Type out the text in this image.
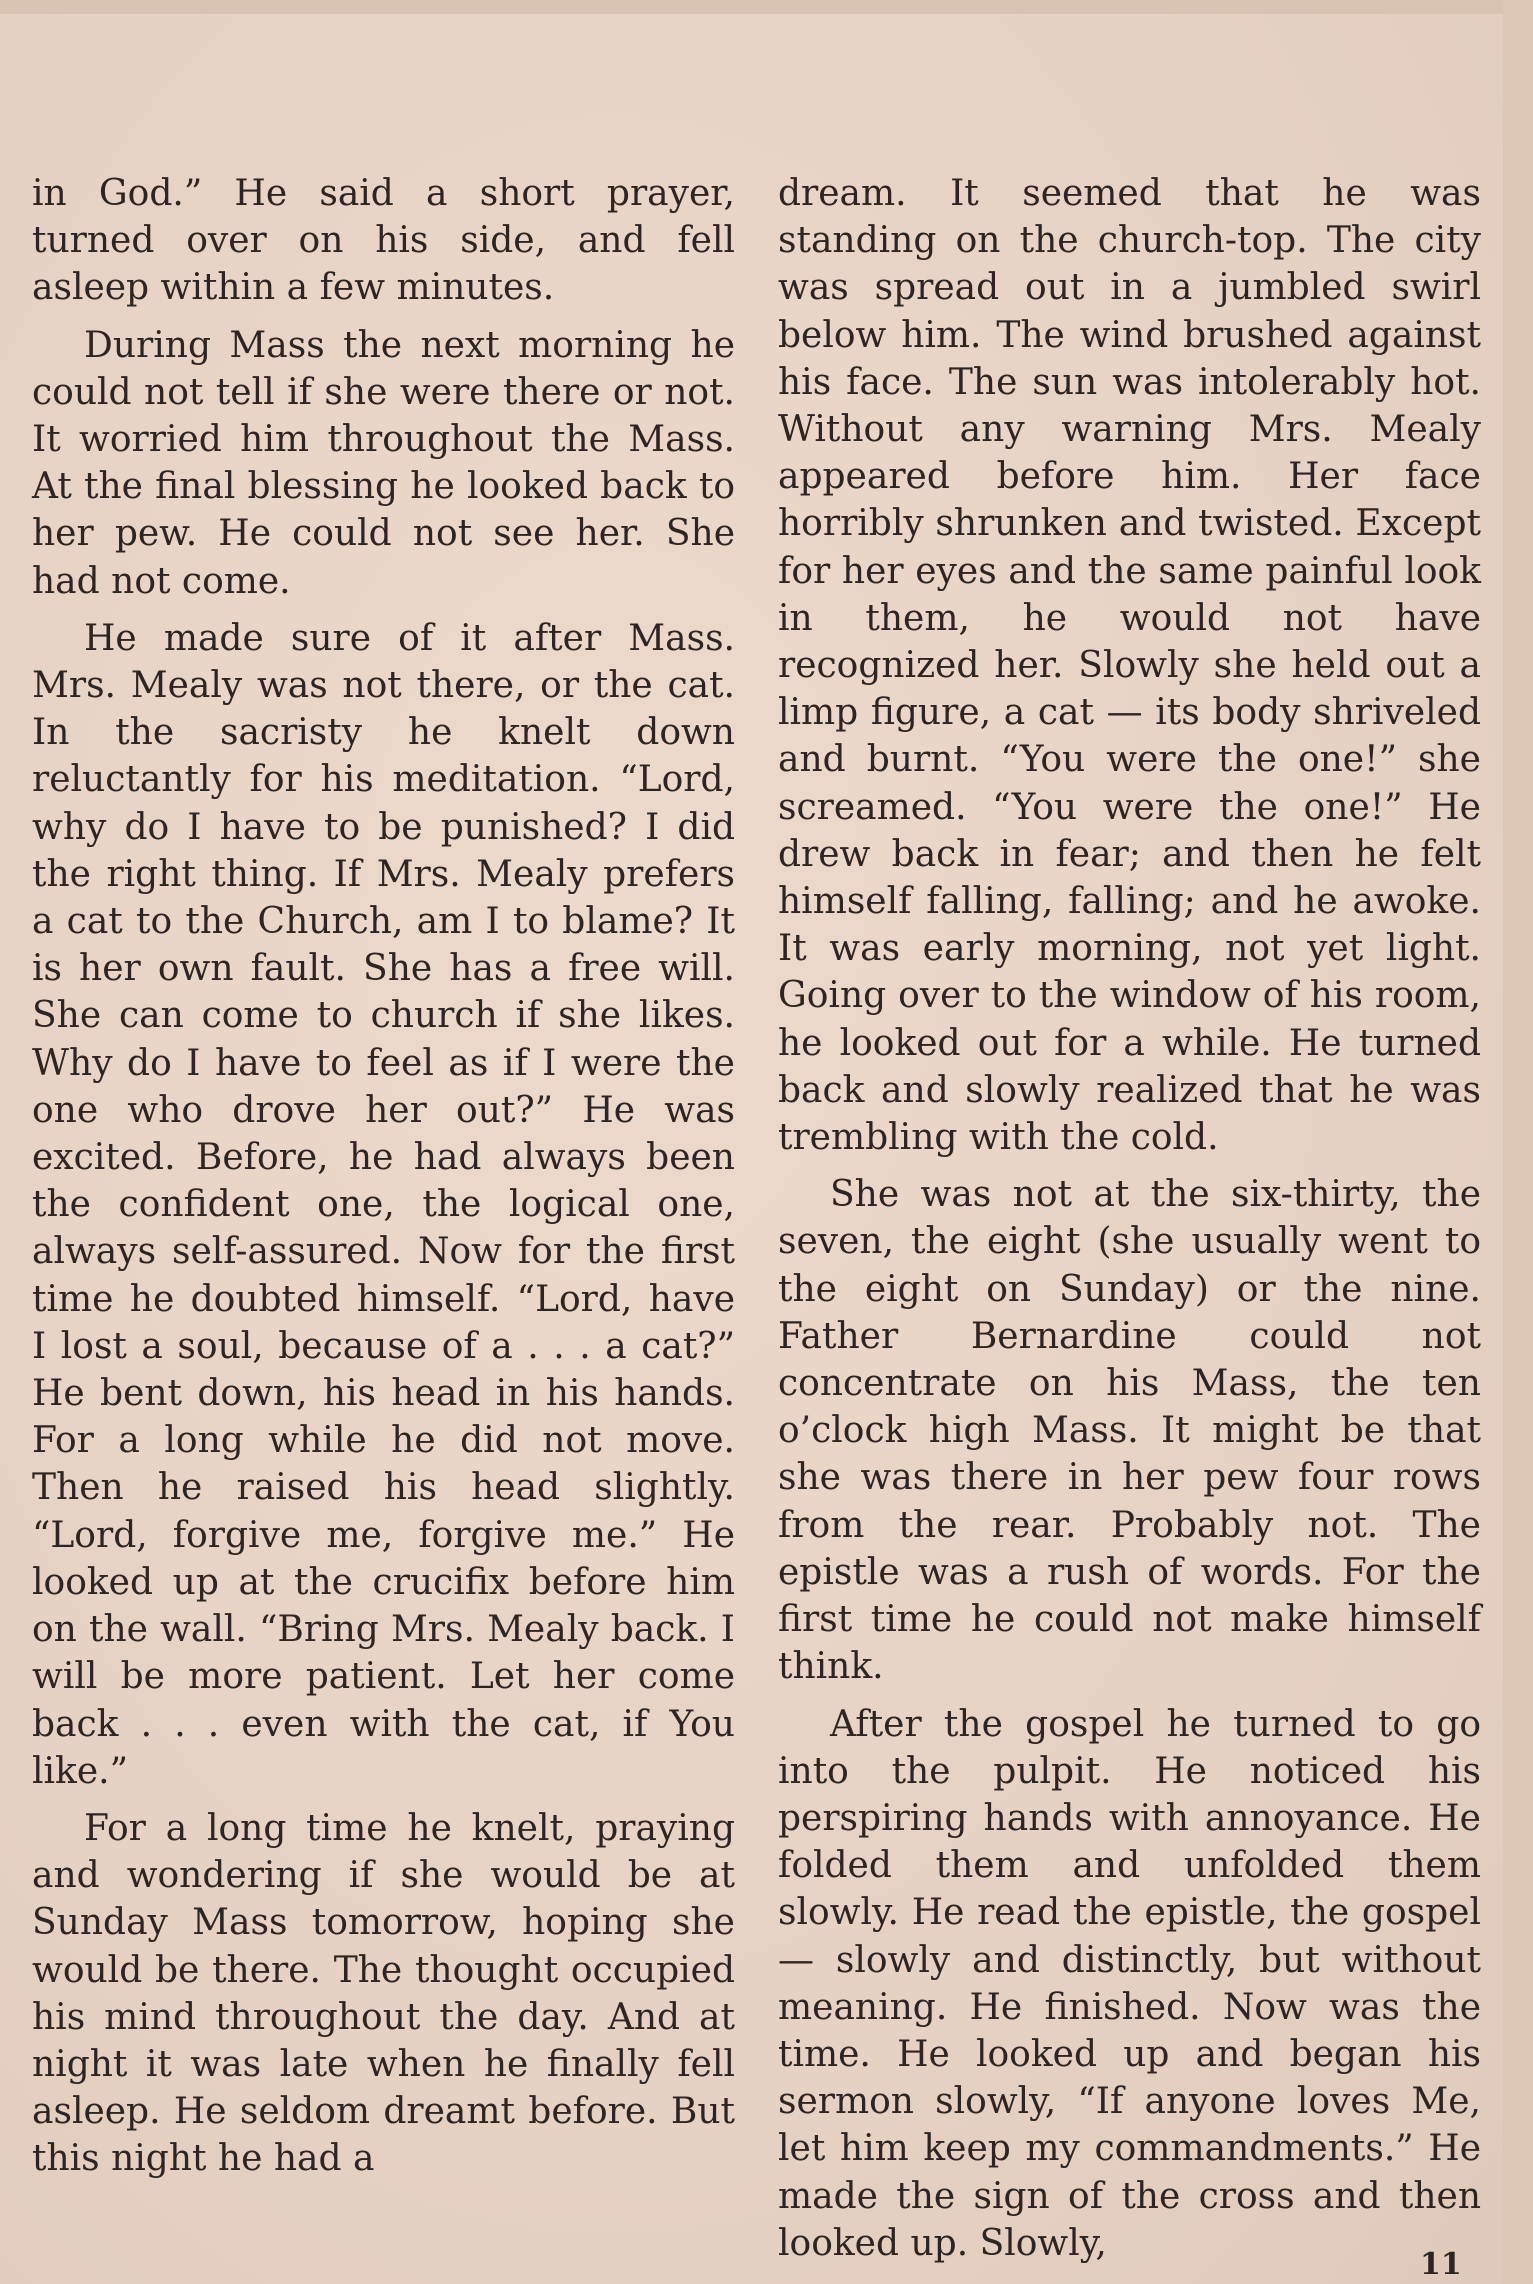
in God.” He said a short prayer, turned over on his side, and fell asleep within a few minutes.

During Mass the next morning he could not tell if she were there or not. It worried him throughout the Mass. At the final blessing he looked back to her pew. He could not see her. She had not come.

He made sure of it after Mass. Mrs. Mealy was not there, or the cat. In the sacristy he knelt down reluctantly for his meditation. “Lord, why do I have to be punished? I did the right thing. If Mrs. Mealy prefers a cat to the Church, am I to blame? It is her own fault. She has a free will. She can come to church if she likes. Why do I have to feel as if I were the one who drove her out?” He was excited. Before, he had always been the confident one, the logical one, always self-assured. Now for the first time he doubted himself. “Lord, have I lost a soul, because of a . . . a cat?” He bent down, his head in his hands. For a long while he did not move. Then he raised his head slightly. “Lord, forgive me, forgive me.” He looked up at the crucifix before him on the wall. “Bring Mrs. Mealy back. I will be more patient. Let her come back . . . even with the cat, if You like.”

For a long time he knelt, praying and wondering if she would be at Sunday Mass tomorrow, hoping she would be there. The thought occupied his mind throughout the day. And at night it was late when he finally fell asleep. He seldom dreamt before. But this night he had a

dream. It seemed that he was standing on the church-top. The city was spread out in a jumbled swirl below him. The wind brushed against his face. The sun was intolerably hot. Without any warning Mrs. Mealy appeared before him. Her face horribly shrunken and twisted. Except for her eyes and the same painful look in them, he would not have recognized her. Slowly she held out a limp figure, a cat — its body shriveled and burnt. “You were the one!” she screamed. “You were the one!” He drew back in fear; and then he felt himself falling, falling; and he awoke. It was early morning, not yet light. Going over to the window of his room, he looked out for a while. He turned back and slowly realized that he was trembling with the cold.

She was not at the six-thirty, the seven, the eight (she usually went to the eight on Sunday) or the nine. Father Bernardine could not concentrate on his Mass, the ten o’clock high Mass. It might be that she was there in her pew four rows from the rear. Probably not. The epistle was a rush of words. For the first time he could not make himself think.

After the gospel he turned to go into the pulpit. He noticed his perspiring hands with annoyance. He folded them and unfolded them slowly. He read the epistle, the gospel — slowly and distinctly, but without meaning. He finished. Now was the time. He looked up and began his sermon slowly, “If anyone loves Me, let him keep my commandments.” He made the sign of the cross and then looked up. Slowly,

11
